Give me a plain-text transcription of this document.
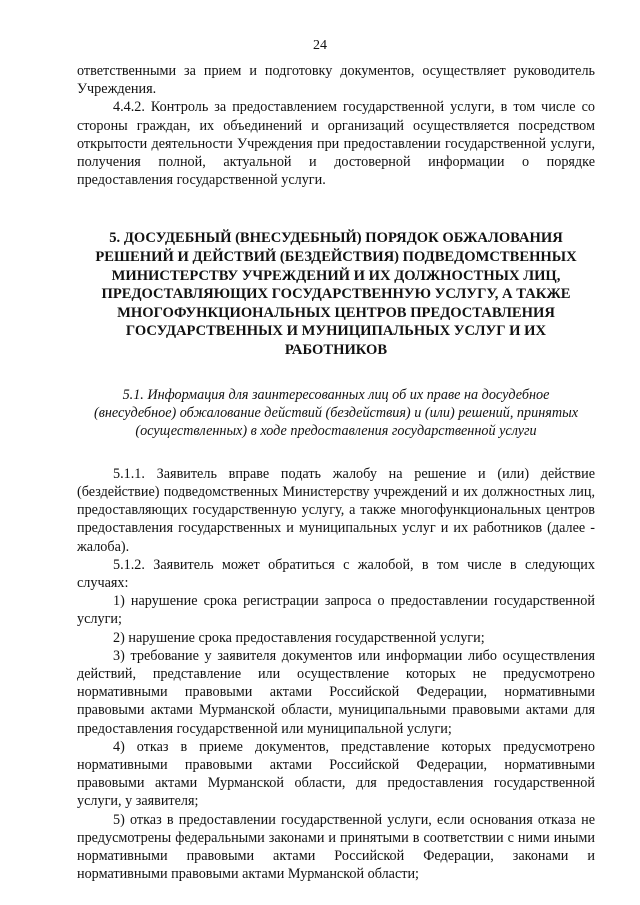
24

ответственными за прием и подготовку документов, осуществляет руководитель Учреждения.

4.4.2. Контроль за предоставлением государственной услуги, в том числе со стороны граждан, их объединений и организаций осуществляется посредством открытости деятельности Учреждения при предоставлении государственной услуги, получения полной, актуальной и достоверной информации о порядке предоставления государственной услуги.

5. ДОСУДЕБНЫЙ (ВНЕСУДЕБНЫЙ) ПОРЯДОК ОБЖАЛОВАНИЯ РЕШЕНИЙ И ДЕЙСТВИЙ (БЕЗДЕЙСТВИЯ) ПОДВЕДОМСТВЕННЫХ МИНИСТЕРСТВУ УЧРЕЖДЕНИЙ И ИХ ДОЛЖНОСТНЫХ ЛИЦ, ПРЕДОСТАВЛЯЮЩИХ ГОСУДАРСТВЕННУЮ УСЛУГУ, А ТАКЖЕ МНОГОФУНКЦИОНАЛЬНЫХ ЦЕНТРОВ ПРЕДОСТАВЛЕНИЯ ГОСУДАРСТВЕННЫХ И МУНИЦИПАЛЬНЫХ УСЛУГ И ИХ РАБОТНИКОВ

5.1. Информация для заинтересованных лиц об их праве на досудебное (внесудебное) обжалование действий (бездействия) и (или) решений, принятых (осуществленных) в ходе предоставления государственной услуги

5.1.1. Заявитель вправе подать жалобу на решение и (или) действие (бездействие) подведомственных Министерству учреждений и их должностных лиц, предоставляющих государственную услугу, а также многофункциональных центров предоставления государственных и муниципальных услуг и их работников (далее - жалоба).

5.1.2. Заявитель может обратиться с жалобой, в том числе в следующих случаях:

1) нарушение срока регистрации запроса о предоставлении государственной услуги;

2) нарушение срока предоставления государственной услуги;

3) требование у заявителя документов или информации либо осуществления действий, представление или осуществление которых не предусмотрено нормативными правовыми актами Российской Федерации, нормативными правовыми актами Мурманской области, муниципальными правовыми актами для предоставления государственной или муниципальной услуги;

4) отказ в приеме документов, представление которых предусмотрено нормативными правовыми актами Российской Федерации, нормативными правовыми актами Мурманской области, для предоставления государственной услуги, у заявителя;

5) отказ в предоставлении государственной услуги, если основания отказа не предусмотрены федеральными законами и принятыми в соответствии с ними иными нормативными правовыми актами Российской Федерации, законами и нормативными правовыми актами Мурманской области;
